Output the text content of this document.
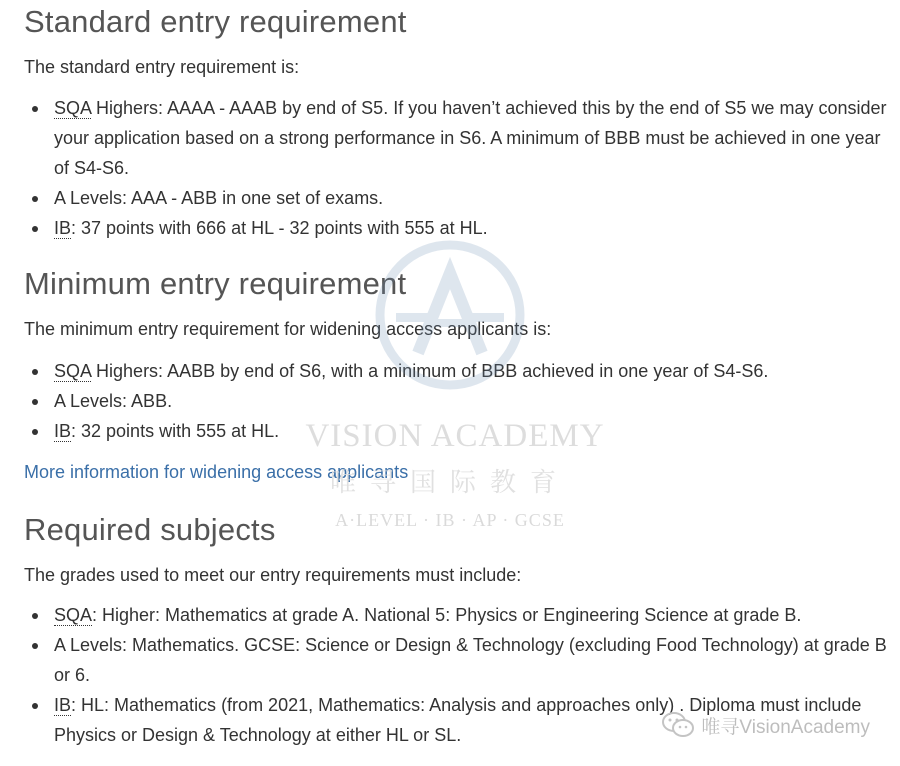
Standard entry requirement

The standard entry requirement is:

SQA Highers: AAAA - AAAB by end of S5. If you haven’t achieved this by the end of S5 we may consider your application based on a strong performance in S6. A minimum of BBB must be achieved in one year of S4-S6.
A Levels: AAA - ABB in one set of exams.
IB: 37 points with 666 at HL - 32 points with 555 at HL.
Minimum entry requirement

The minimum entry requirement for widening access applicants is:

SQA Highers: AABB by end of S6, with a minimum of BBB achieved in one year of S4-S6.
A Levels: ABB.
IB: 32 points with 555 at HL.
More information for widening access applicants
Required subjects

The grades used to meet our entry requirements must include:

SQA: Higher: Mathematics at grade A. National 5: Physics or Engineering Science at grade B.
A Levels: Mathematics. GCSE: Science or Design & Technology (excluding Food Technology) at grade B or 6.
IB: HL: Mathematics (from 2021, Mathematics: Analysis and approaches only) . Diploma must include Physics or Design & Technology at either HL or SL.
VISION ACADEMY
唯寻国际教育
A·LEVEL · IB · AP · GCSE
唯寻VisionAcademy
